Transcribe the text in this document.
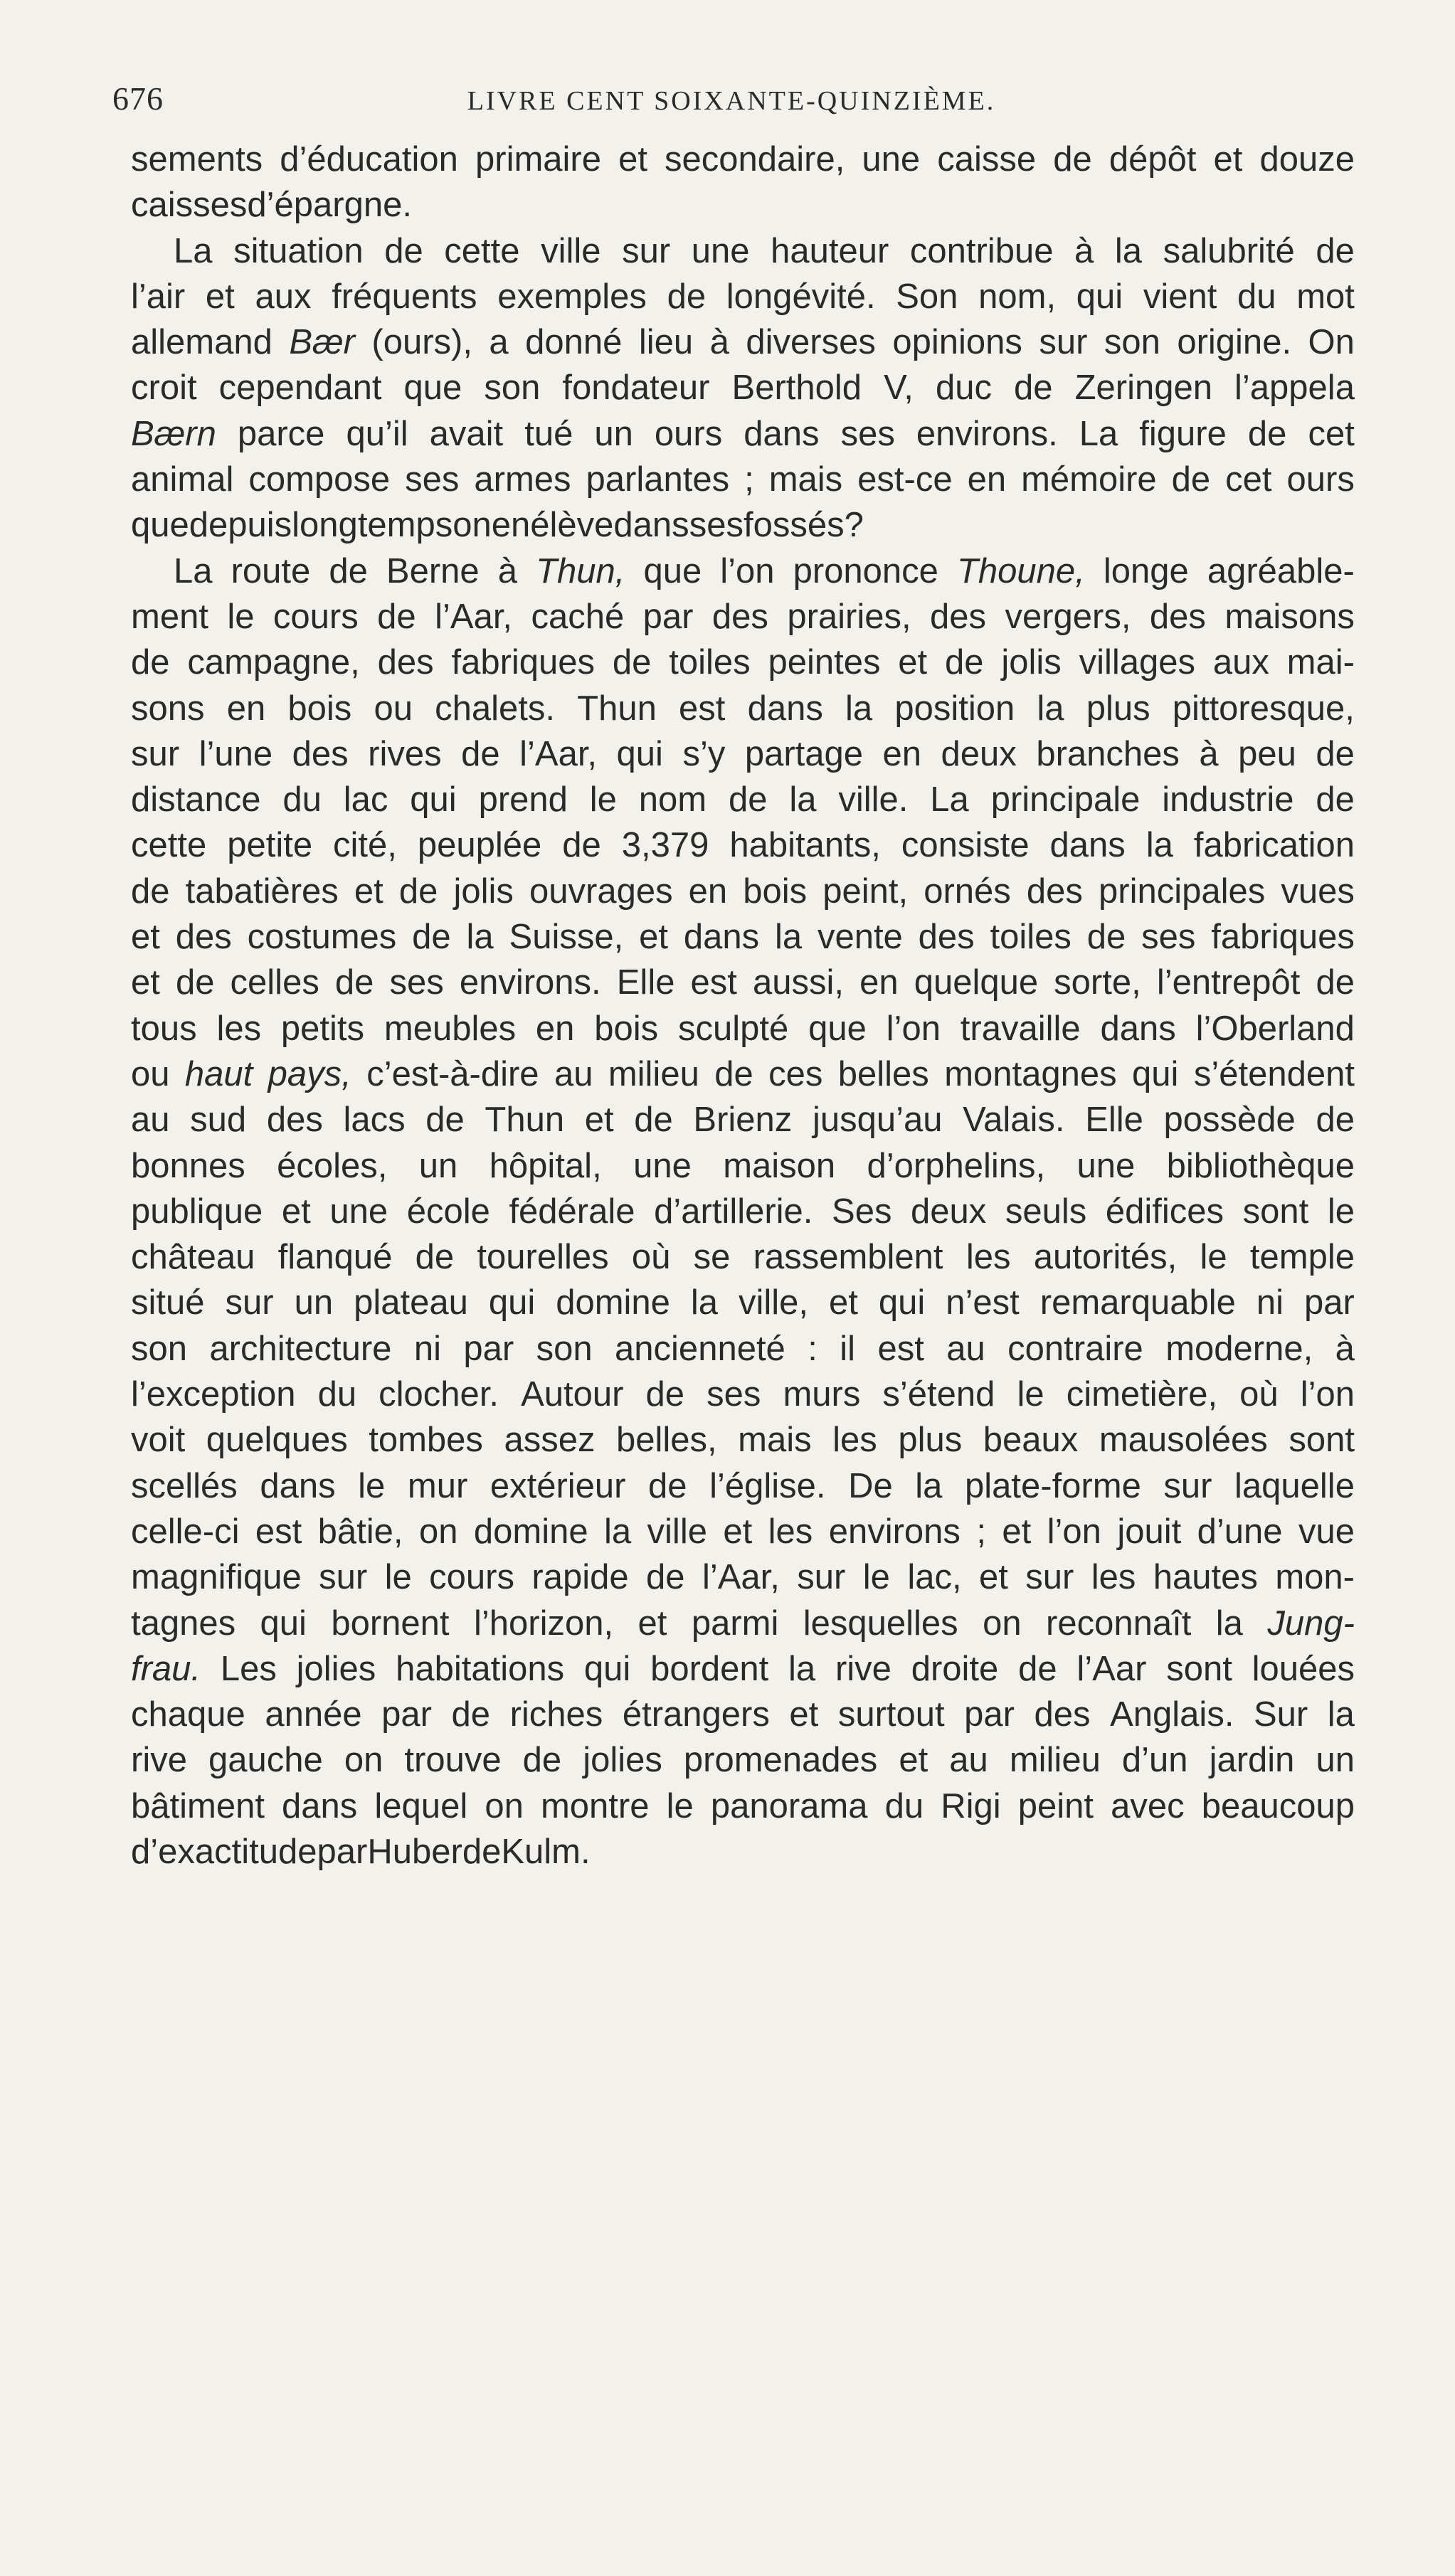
676	LIVRE CENT SOIXANTE-QUINZIÈME.
sements d’éducation primaire et secondaire, une caisse de dépôt et douze
caisses d’épargne.
La situation de cette ville sur une hauteur contribue à la salubrité de
l’air et aux fréquents exemples de longévité. Son nom, qui vient du mot
allemand Bær (ours), a donné lieu à diverses opinions sur son origine. On
croit cependant que son fondateur Berthold V, duc de Zeringen l’appela
Bærn parce qu’il avait tué un ours dans ses environs. La figure de cet
animal compose ses armes parlantes ; mais est-ce en mémoire de cet ours
que depuis longtemps on en élève dans ses fossés?
La route de Berne à Thun, que l’on prononce Thoune, longe agréable-
ment le cours de l’Aar, caché par des prairies, des vergers, des maisons
de campagne, des fabriques de toiles peintes et de jolis villages aux mai-
sons en bois ou chalets. Thun est dans la position la plus pittoresque,
sur l’une des rives de l’Aar, qui s’y partage en deux branches à peu de
distance du lac qui prend le nom de la ville. La principale industrie de
cette petite cité, peuplée de 3,379 habitants, consiste dans la fabrication
de tabatières et de jolis ouvrages en bois peint, ornés des principales vues
et des costumes de la Suisse, et dans la vente des toiles de ses fabriques
et de celles de ses environs. Elle est aussi, en quelque sorte, l’entrepôt de
tous les petits meubles en bois sculpté que l’on travaille dans l’Oberland
ou haut pays, c’est-à-dire au milieu de ces belles montagnes qui s’étendent
au sud des lacs de Thun et de Brienz jusqu’au Valais. Elle possède de
bonnes écoles, un hôpital, une maison d’orphelins, une bibliothèque
publique et une école fédérale d’artillerie. Ses deux seuls édifices sont le
château flanqué de tourelles où se rassemblent les autorités, le temple
situé sur un plateau qui domine la ville, et qui n’est remarquable ni par
son architecture ni par son ancienneté : il est au contraire moderne, à
l’exception du clocher. Autour de ses murs s’étend le cimetière, où l’on
voit quelques tombes assez belles, mais les plus beaux mausolées sont
scellés dans le mur extérieur de l’église. De la plate-forme sur laquelle
celle-ci est bâtie, on domine la ville et les environs ; et l’on jouit d’une vue
magnifique sur le cours rapide de l’Aar, sur le lac, et sur les hautes mon-
tagnes qui bornent l’horizon, et parmi lesquelles on reconnaît la Jung-
frau. Les jolies habitations qui bordent la rive droite de l’Aar sont louées
chaque année par de riches étrangers et surtout par des Anglais. Sur la
rive gauche on trouve de jolies promenades et au milieu d’un jardin un
bâtiment dans lequel on montre le panorama du Rigi peint avec beaucoup
d’exactitude par Huber de Kulm.
